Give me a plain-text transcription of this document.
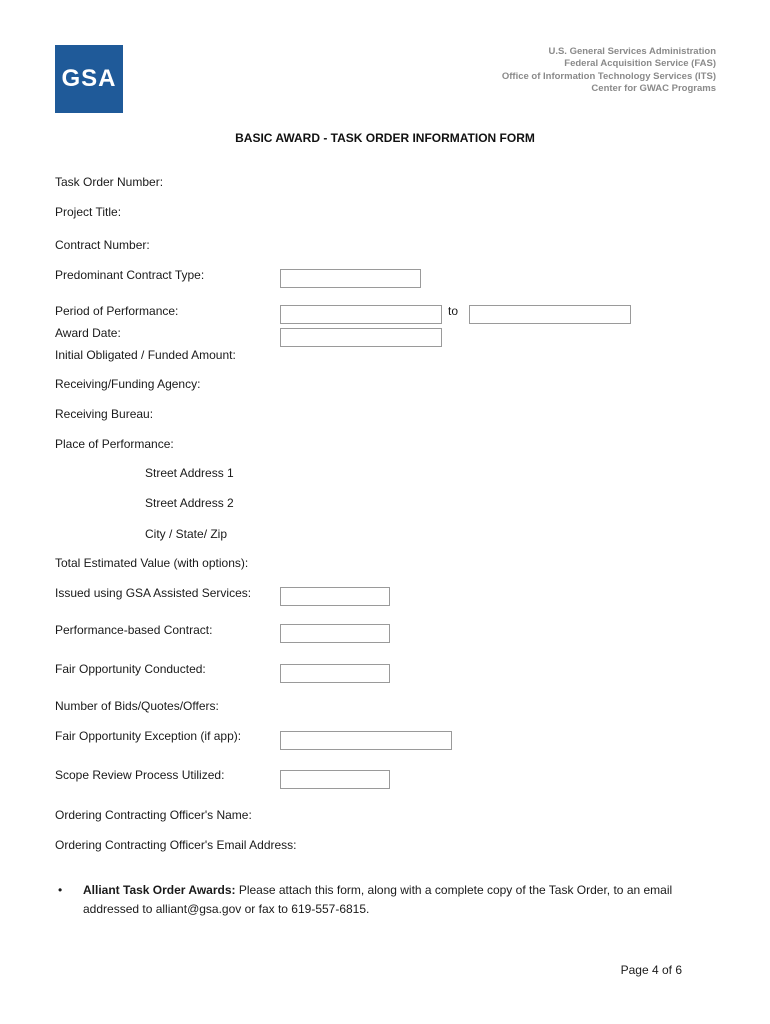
GSA
U.S. General Services Administration
Federal Acquisition Service (FAS)
Office of Information Technology Services (ITS)
Center for GWAC Programs
BASIC AWARD - TASK ORDER INFORMATION FORM
Task Order Number:
Project Title:
Contract Number:
Predominant Contract Type:
Period of Performance:	to
Award Date:
Initial Obligated / Funded Amount:
Receiving/Funding Agency:
Receiving Bureau:
Place of Performance:
Street Address 1
Street Address 2
City / State/ Zip
Total Estimated Value (with options):
Issued using GSA Assisted Services:
Performance-based Contract:
Fair Opportunity Conducted:
Number of Bids/Quotes/Offers:
Fair Opportunity Exception (if app):
Scope Review Process Utilized:
Ordering Contracting Officer's Name:
Ordering Contracting Officer's Email Address:
• Alliant Task Order Awards: Please attach this form, along with a complete copy of the Task Order, to an email addressed to alliant@gsa.gov or fax to 619-557-6815.
Page 4 of 6
